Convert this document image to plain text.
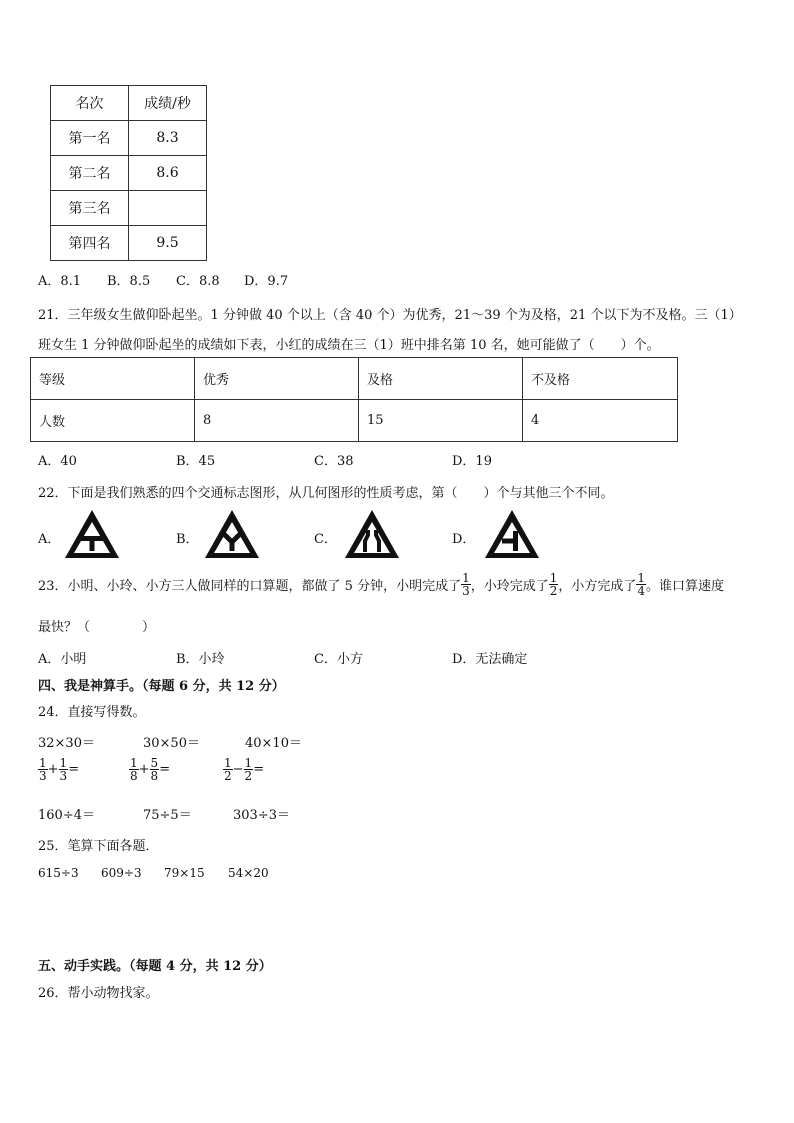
名次	成绩/秒
第一名	8.3
第二名	8.6
第三名	
第四名	9.5
A．8.1 B．8.5 C．8.8 D．9.7
21．三年级女生做仰卧起坐。1 分钟做 40 个以上（含 40 个）为优秀，21～39 个为及格，21 个以下为不及格。三（1）
班女生 1 分钟做仰卧起坐的成绩如下表，小红的成绩在三（1）班中排名第 10 名，她可能做了（　　）个。
等级	优秀	及格	不及格
人数	8	15	4
A．40	B．45	C．38	D．19
22．下面是我们熟悉的四个交通标志图形，从几何图形的性质考虑，第（　　）个与其他三个不同。
A．	B．	C．	D．
23．小明、小玲、小方三人做同样的口算题，都做了 5 分钟，小明完成了 $\frac{1}{3}$ ，小玲完成了 $\frac{1}{2}$ ，小方完成了 $\frac{1}{4}$ 。谁口算速度
最快？（　　　　）
A．小明	B．小玲	C．小方	D．无法确定
四、我是神算手。（每题 6 分，共 12 分）
24．直接写得数。
32×30＝	30×50＝	40×10＝
$\frac{1}{3} + \frac{1}{3}$ =	$\frac{1}{8} + \frac{5}{8}$ =	$\frac{1}{2} - \frac{1}{2}$ =
160÷4＝	75÷5＝	303÷3＝
25．笔算下面各题．
615÷3 609÷3 79×15 54×20
五、动手实践。（每题 4 分，共 12 分）
26．帮小动物找家。
